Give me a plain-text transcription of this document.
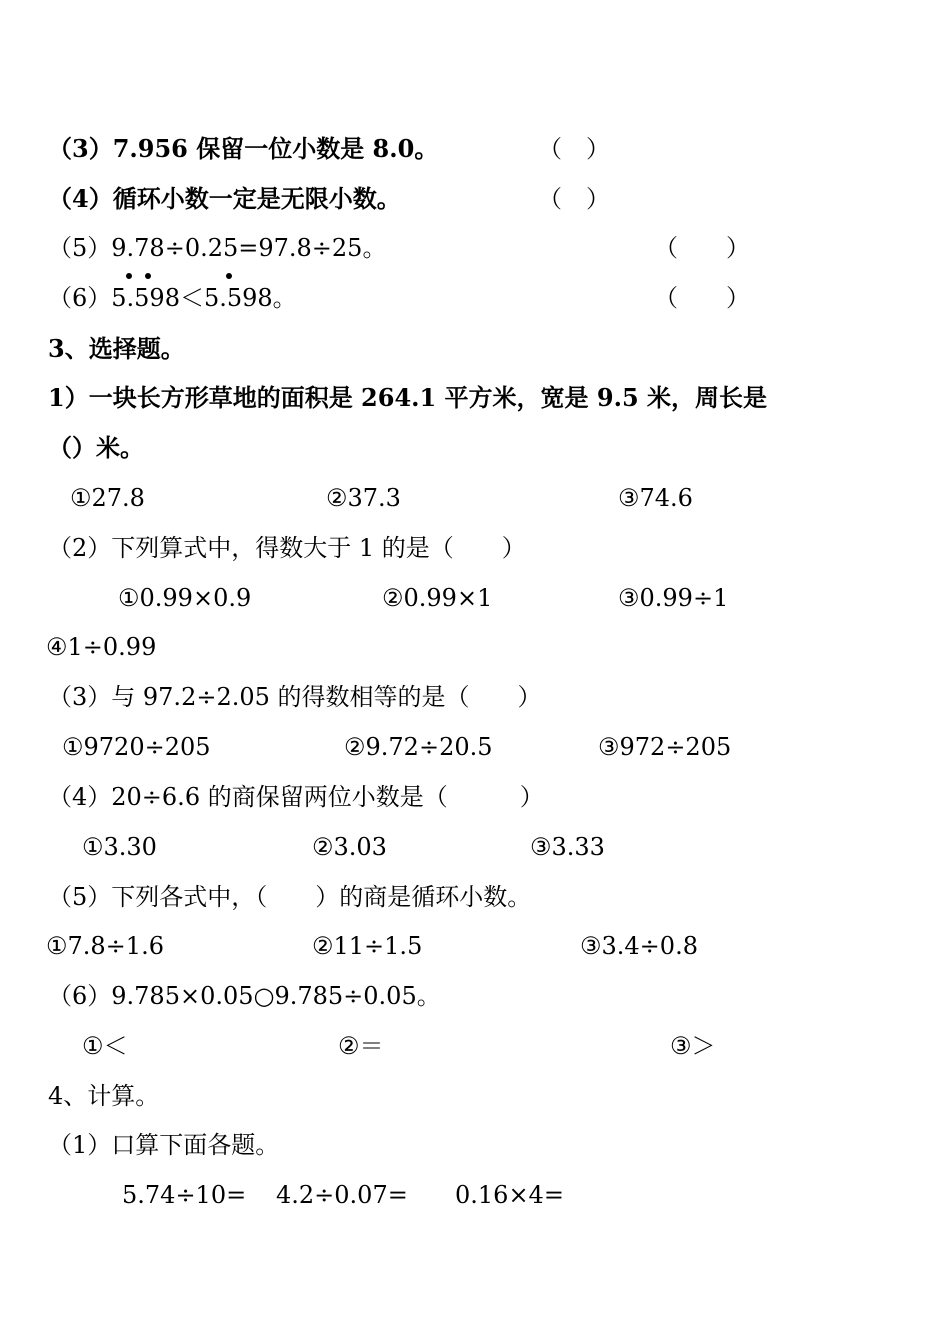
（3）7.956 保留一位小数是 8.0。	（　）
（4）循环小数一定是无限小数。	（　）
（5）9.78÷0.25=97.8÷25。	（　　）
（6）5.598＜5.598。	（　　）
3、选择题。
1）一块长方形草地的面积是 264.1 平方米，宽是 9.5 米，周长是
（）米。
①27.8	②37.3	③74.6
（2）下列算式中，得数大于 1 的是（　　）
①0.99×0.9	②0.99×1	③0.99÷1
④1÷0.99
（3）与 97.2÷2.05 的得数相等的是（　　）
①9720÷205	②9.72÷20.5	③972÷205
（4）20÷6.6 的商保留两位小数是（　　　）
①3.30	②3.03	③3.33
（5）下列各式中，（　　）的商是循环小数。
①7.8÷1.6	②11÷1.5	③3.4÷0.8
（6）9.785×0.05○9.785÷0.05。
①＜	②＝	③＞
4、计算。
（1）口算下面各题。
5.74÷10= 4.2÷0.07= 0.16×4=
